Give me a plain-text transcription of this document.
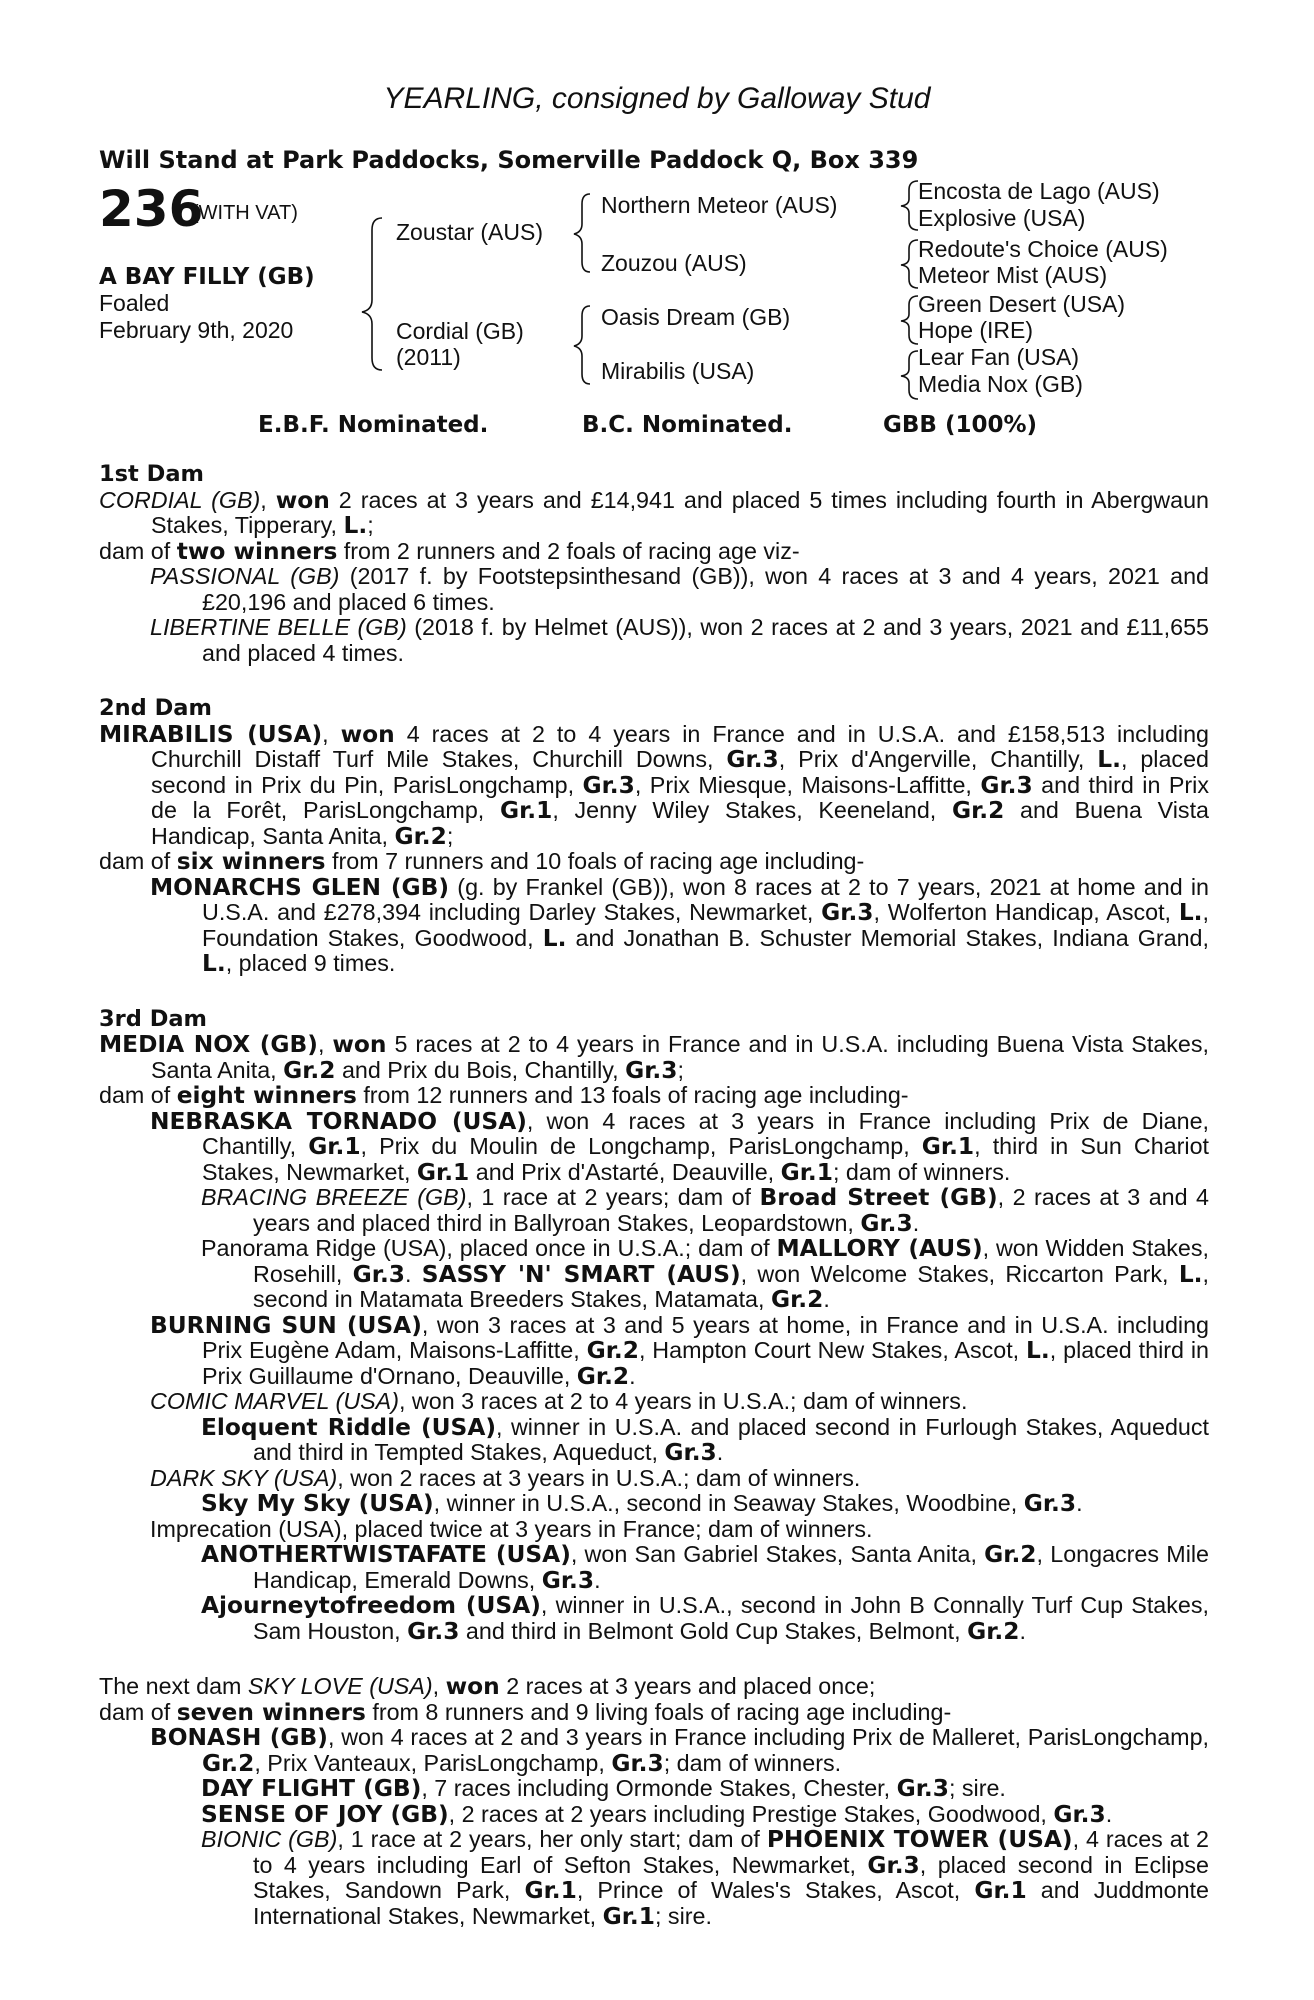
YEARLING, consigned by Galloway Stud
Will Stand at Park Paddocks, Somerville Paddock Q, Box 339
236
(WITH VAT)
A BAY FILLY (GB)
Foaled
February 9th, 2020
Zoustar (AUS)
Cordial (GB)
(2011)
Northern Meteor (AUS)
Zouzou (AUS)
Oasis Dream (GB)
Mirabilis (USA)
Encosta de Lago (AUS)
Explosive (USA)
Redoute's Choice (AUS)
Meteor Mist (AUS)
Green Desert (USA)
Hope (IRE)
Lear Fan (USA)
Media Nox (GB)
E.B.F. Nominated.	B.C. Nominated.	GBB (100%)
1st Dam
CORDIAL (GB), won 2 races at 3 years and £14,941 and placed 5 times including fourth in Abergwaun Stakes, Tipperary, L.;
dam of two winners from 2 runners and 2 foals of racing age viz-
PASSIONAL (GB) (2017 f. by Footstepsinthesand (GB)), won 4 races at 3 and 4 years, 2021 and £20,196 and placed 6 times.
LIBERTINE BELLE (GB) (2018 f. by Helmet (AUS)), won 2 races at 2 and 3 years, 2021 and £11,655 and placed 4 times.
2nd Dam
MIRABILIS (USA), won 4 races at 2 to 4 years in France and in U.S.A. and £158,513 including Churchill Distaff Turf Mile Stakes, Churchill Downs, Gr.3, Prix d'Angerville, Chantilly, L., placed second in Prix du Pin, ParisLongchamp, Gr.3, Prix Miesque, Maisons-Laffitte, Gr.3 and third in Prix de la Forêt, ParisLongchamp, Gr.1, Jenny Wiley Stakes, Keeneland, Gr.2 and Buena Vista Handicap, Santa Anita, Gr.2;
dam of six winners from 7 runners and 10 foals of racing age including-
MONARCHS GLEN (GB) (g. by Frankel (GB)), won 8 races at 2 to 7 years, 2021 at home and in U.S.A. and £278,394 including Darley Stakes, Newmarket, Gr.3, Wolferton Handicap, Ascot, L., Foundation Stakes, Goodwood, L. and Jonathan B. Schuster Memorial Stakes, Indiana Grand, L., placed 9 times.
3rd Dam
MEDIA NOX (GB), won 5 races at 2 to 4 years in France and in U.S.A. including Buena Vista Stakes, Santa Anita, Gr.2 and Prix du Bois, Chantilly, Gr.3;
dam of eight winners from 12 runners and 13 foals of racing age including-
NEBRASKA TORNADO (USA), won 4 races at 3 years in France including Prix de Diane, Chantilly, Gr.1, Prix du Moulin de Longchamp, ParisLongchamp, Gr.1, third in Sun Chariot Stakes, Newmarket, Gr.1 and Prix d'Astarté, Deauville, Gr.1; dam of winners.
BRACING BREEZE (GB), 1 race at 2 years; dam of Broad Street (GB), 2 races at 3 and 4 years and placed third in Ballyroan Stakes, Leopardstown, Gr.3.
Panorama Ridge (USA), placed once in U.S.A.; dam of MALLORY (AUS), won Widden Stakes, Rosehill, Gr.3. SASSY 'N' SMART (AUS), won Welcome Stakes, Riccarton Park, L., second in Matamata Breeders Stakes, Matamata, Gr.2.
BURNING SUN (USA), won 3 races at 3 and 5 years at home, in France and in U.S.A. including Prix Eugène Adam, Maisons-Laffitte, Gr.2, Hampton Court New Stakes, Ascot, L., placed third in Prix Guillaume d'Ornano, Deauville, Gr.2.
COMIC MARVEL (USA), won 3 races at 2 to 4 years in U.S.A.; dam of winners.
Eloquent Riddle (USA), winner in U.S.A. and placed second in Furlough Stakes, Aqueduct and third in Tempted Stakes, Aqueduct, Gr.3.
DARK SKY (USA), won 2 races at 3 years in U.S.A.; dam of winners.
Sky My Sky (USA), winner in U.S.A., second in Seaway Stakes, Woodbine, Gr.3.
Imprecation (USA), placed twice at 3 years in France; dam of winners.
ANOTHERTWISTAFATE (USA), won San Gabriel Stakes, Santa Anita, Gr.2, Longacres Mile Handicap, Emerald Downs, Gr.3.
Ajourneytofreedom (USA), winner in U.S.A., second in John B Connally Turf Cup Stakes, Sam Houston, Gr.3 and third in Belmont Gold Cup Stakes, Belmont, Gr.2.
The next dam SKY LOVE (USA), won 2 races at 3 years and placed once;
dam of seven winners from 8 runners and 9 living foals of racing age including-
BONASH (GB), won 4 races at 2 and 3 years in France including Prix de Malleret, ParisLongchamp, Gr.2, Prix Vanteaux, ParisLongchamp, Gr.3; dam of winners.
DAY FLIGHT (GB), 7 races including Ormonde Stakes, Chester, Gr.3; sire.
SENSE OF JOY (GB), 2 races at 2 years including Prestige Stakes, Goodwood, Gr.3.
BIONIC (GB), 1 race at 2 years, her only start; dam of PHOENIX TOWER (USA), 4 races at 2 to 4 years including Earl of Sefton Stakes, Newmarket, Gr.3, placed second in Eclipse Stakes, Sandown Park, Gr.1, Prince of Wales's Stakes, Ascot, Gr.1 and Juddmonte International Stakes, Newmarket, Gr.1; sire.
